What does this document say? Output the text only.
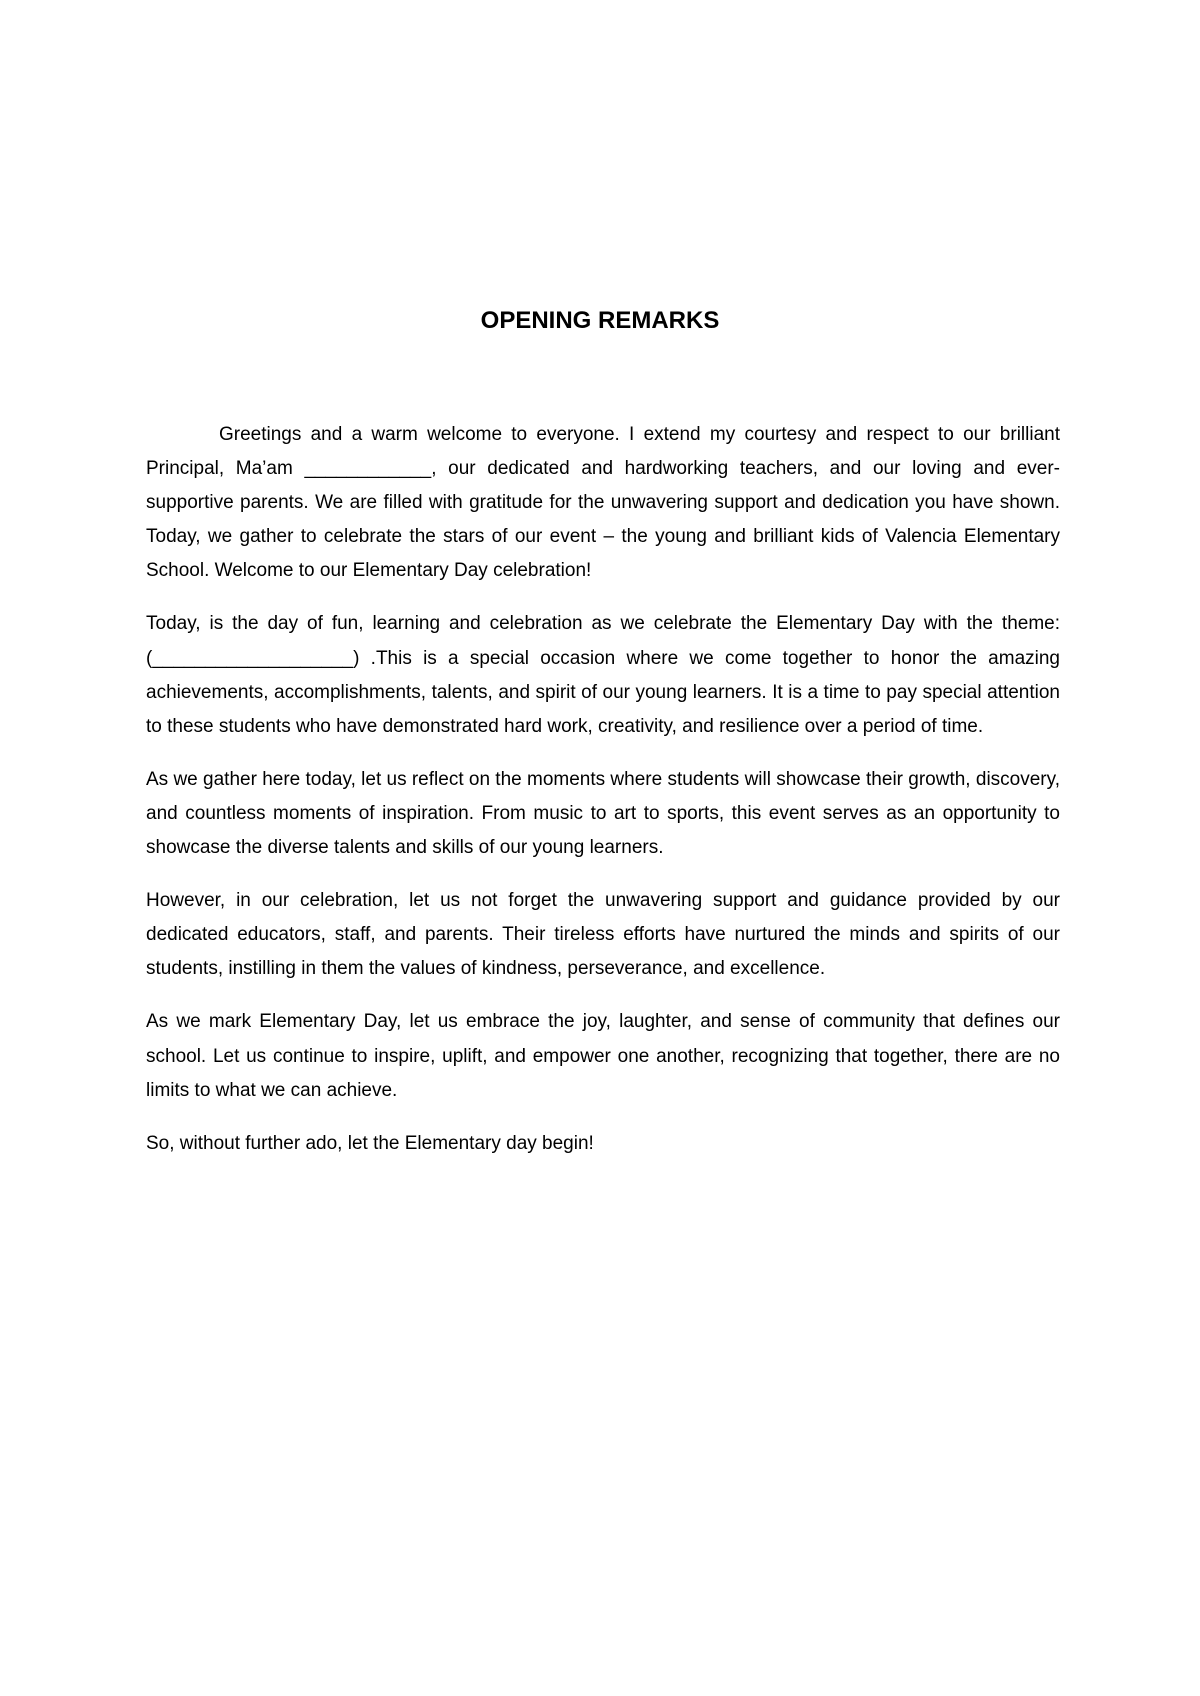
OPENING REMARKS

Greetings and a warm welcome to everyone. I extend my courtesy and respect to our brilliant Principal, Ma’am ____________, our dedicated and hardworking teachers, and our loving and ever-supportive parents. We are filled with gratitude for the unwavering support and dedication you have shown. Today, we gather to celebrate the stars of our event – the young and brilliant kids of Valencia Elementary School. Welcome to our Elementary Day celebration!

Today, is the day of fun, learning and celebration as we celebrate the Elementary Day with the theme:(___________________) .This is a special occasion where we come together to honor the amazing achievements, accomplishments, talents, and spirit of our young learners. It is a time to pay special attention to these students who have demonstrated hard work, creativity, and resilience over a period of time.

As we gather here today, let us reflect on the moments where students will showcase their growth, discovery, and countless moments of inspiration. From music to art to sports, this event serves as an opportunity to showcase the diverse talents and skills of our young learners.

However, in our celebration, let us not forget the unwavering support and guidance provided by our dedicated educators, staff, and parents. Their tireless efforts have nurtured the minds and spirits of our students, instilling in them the values of kindness, perseverance, and excellence.

As we mark Elementary Day, let us embrace the joy, laughter, and sense of community that defines our school. Let us continue to inspire, uplift, and empower one another, recognizing that together, there are no limits to what we can achieve.

So, without further ado, let the Elementary day begin!
